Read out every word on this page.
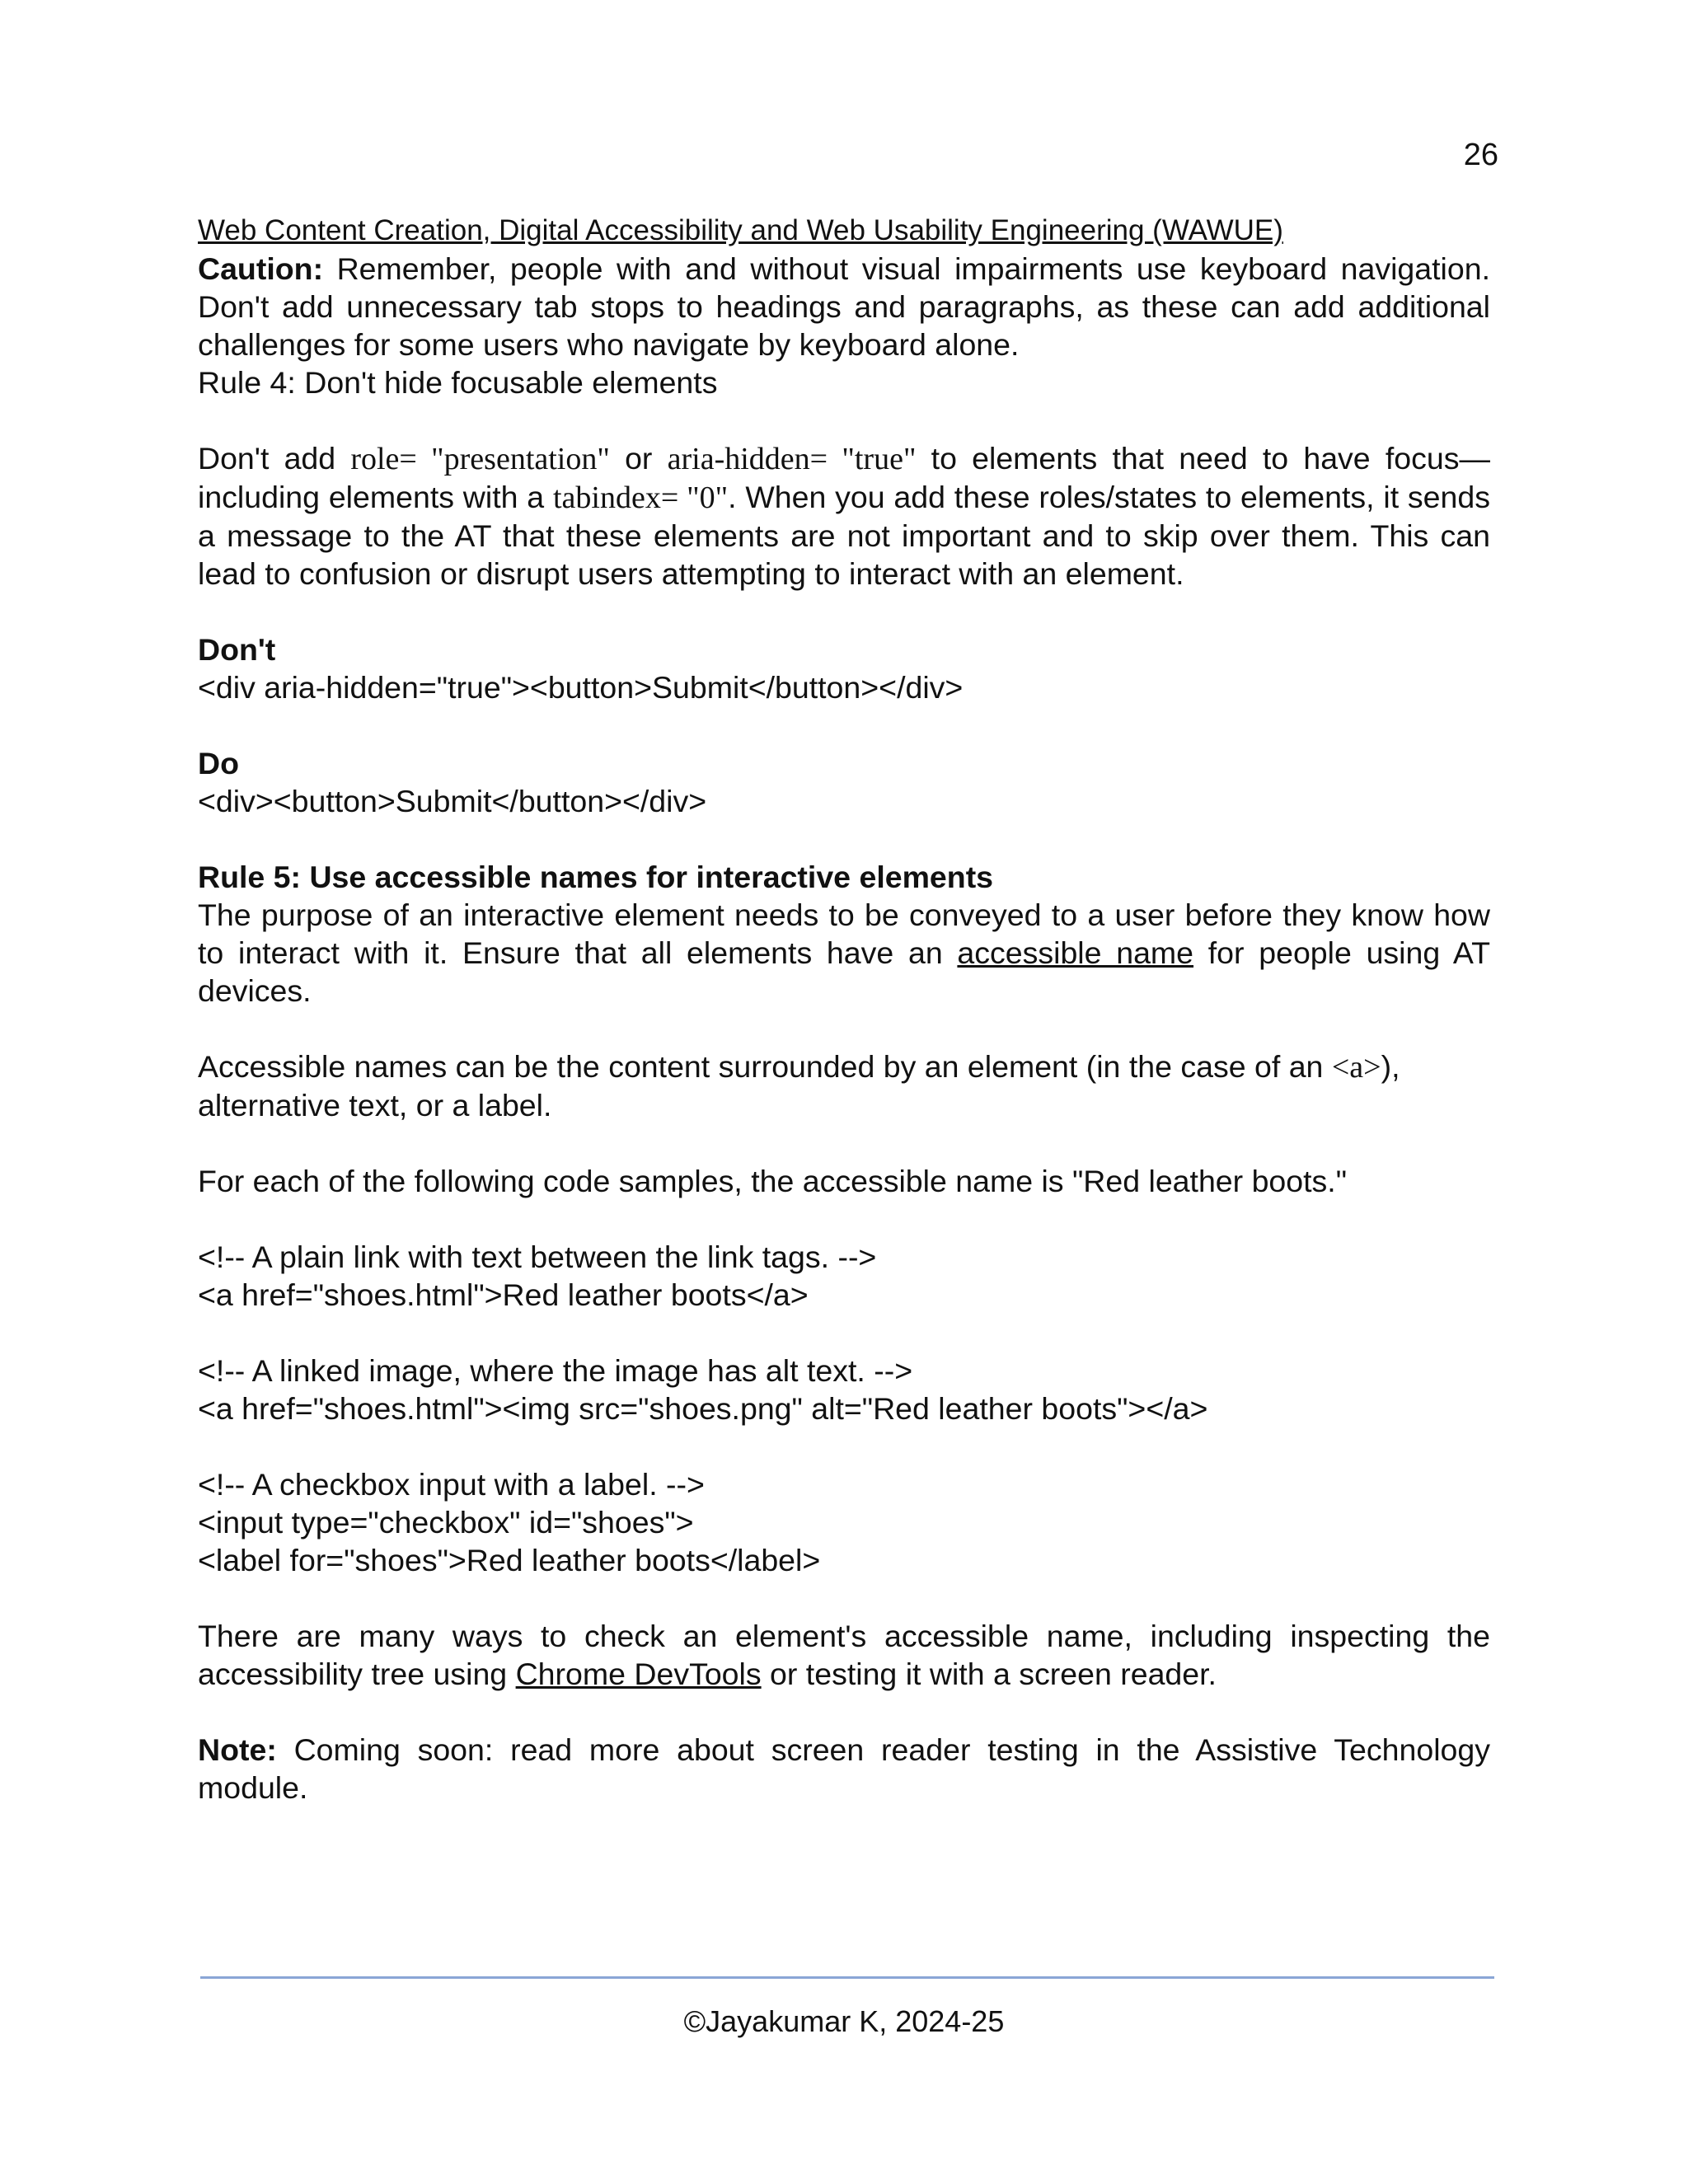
26
Web Content Creation, Digital Accessibility and Web Usability Engineering (WAWUE)

Caution: Remember, people with and without visual impairments use keyboard navigation. Don't add unnecessary tab stops to headings and paragraphs, as these can add additional challenges for some users who navigate by keyboard alone.

Rule 4: Don't hide focusable elements

Don't add role= "presentation" or aria-hidden= "true" to elements that need to have focus—including elements with a tabindex= "0". When you add these roles/states to elements, it sends a message to the AT that these elements are not important and to skip over them. This can lead to confusion or disrupt users attempting to interact with an element.

Don't

<div aria-hidden="true"><button>Submit</button></div>

Do

<div><button>Submit</button></div>

Rule 5: Use accessible names for interactive elements

The purpose of an interactive element needs to be conveyed to a user before they know how to interact with it. Ensure that all elements have an accessible name for people using AT devices.

Accessible names can be the content surrounded by an element (in the case of an <a>), alternative text, or a label.

For each of the following code samples, the accessible name is "Red leather boots."

<!-- A plain link with text between the link tags. -->

<a href="shoes.html">Red leather boots</a>

<!-- A linked image, where the image has alt text. -->

<a href="shoes.html"><img src="shoes.png" alt="Red leather boots"></a>

<!-- A checkbox input with a label. -->

<input type="checkbox" id="shoes">

<label for="shoes">Red leather boots</label>

There are many ways to check an element's accessible name, including inspecting the accessibility tree using Chrome DevTools or testing it with a screen reader.

Note: Coming soon: read more about screen reader testing in the Assistive Technology module.

©Jayakumar K, 2024-25
